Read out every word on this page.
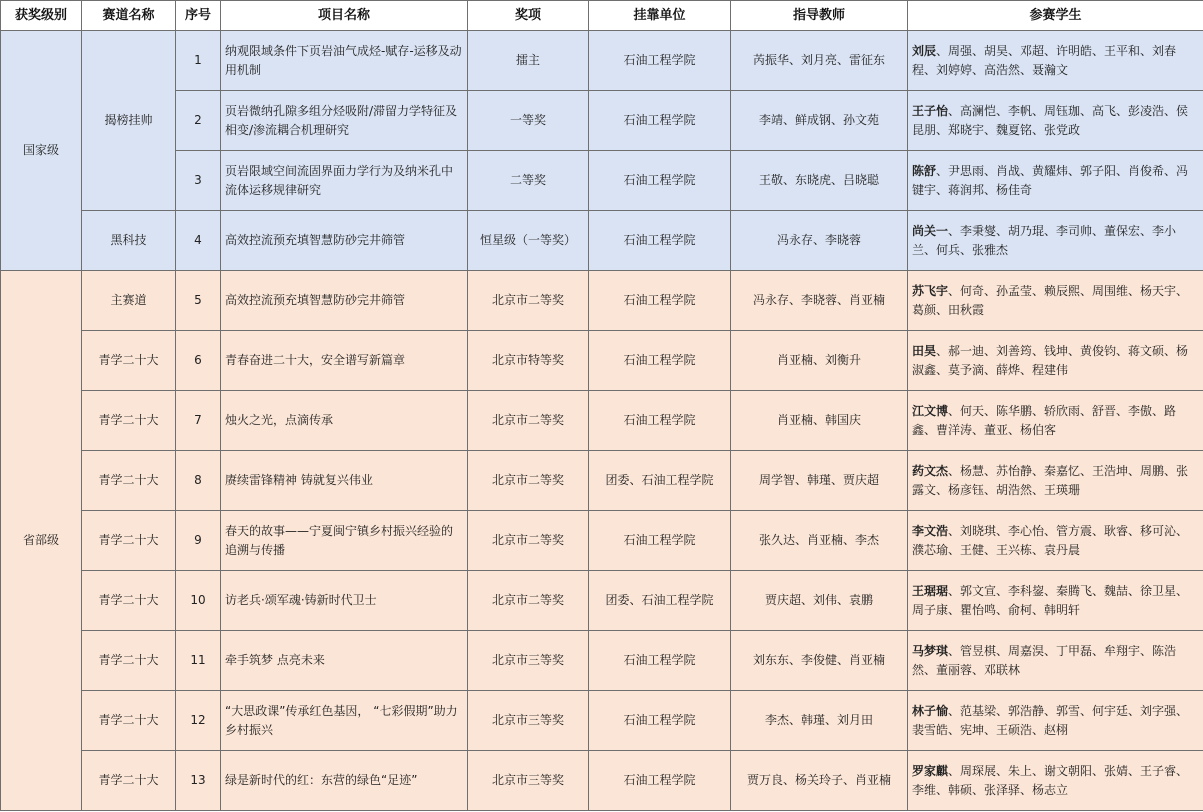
获奖级别	赛道名称	序号	项目名称	奖项	挂靠单位	指导教师	参赛学生
国家级	揭榜挂帅	1	纳观限域条件下页岩油气成烃-赋存-运移及动用机制	擂主	石油工程学院	芮振华、刘月亮、雷征东	刘辰、周强、胡昊、邓超、许明皓、王平和、刘春程、刘婷婷、高浩然、聂瀚文
		2	页岩微纳孔隙多组分烃吸附/滞留力学特征及相变/渗流耦合机理研究	一等奖	石油工程学院	李靖、鲜成钢、孙文苑	王子怡、高澜恺、李帆、周钰珈、高飞、彭凌浩、侯昆朋、郑晓宇、魏夏铭、张党政
		3	页岩限域空间流固界面力学行为及纳米孔中流体运移规律研究	二等奖	石油工程学院	王敬、东晓虎、吕晓聪	陈舒、尹思雨、肖战、黄耀炜、郭子阳、肖俊希、冯键宇、蒋润邦、杨佳奇
	黑科技	4	高效控流预充填智慧防砂完井筛管	恒星级（一等奖）	石油工程学院	冯永存、李晓蓉	尚关一、李秉燮、胡乃琨、李司帅、董保宏、李小兰、何兵、张雅杰
省部级	主赛道	5	高效控流预充填智慧防砂完井筛管	北京市二等奖	石油工程学院	冯永存、李晓蓉、肖亚楠	苏飞宇、何奇、孙孟莹、赖辰熙、周围维、杨天宇、葛颜、田秋霞
	青学二十大	6	青春奋进二十大，安全谱写新篇章	北京市特等奖	石油工程学院	肖亚楠、刘衡升	田昊、郝一迪、刘善筠、钱坤、黄俊钧、蒋文硕、杨淑鑫、莫予滴、薛烨、程建伟
	青学二十大	7	烛火之光，点滴传承	北京市二等奖	石油工程学院	肖亚楠、韩国庆	江文博、何天、陈华鹏、轿欣雨、舒晋、李傲、路鑫、曹洋涛、董亚、杨伯客
	青学二十大	8	赓续雷锋精神 铸就复兴伟业	北京市二等奖	团委、石油工程学院	周学智、韩瑾、贾庆超	药文杰、杨慧、苏怡静、秦嘉忆、王浩坤、周鹏、张露文、杨彦钰、胡浩然、王瑛珊
	青学二十大	9	春天的故事——宁夏闽宁镇乡村振兴经验的追溯与传播	北京市二等奖	石油工程学院	张久达、肖亚楠、李杰	李文浩、刘晓琪、李心怡、管方震、耿睿、移可沁、濮芯瑜、王健、王兴栋、袁丹晨
	青学二十大	10	访老兵·颂军魂·铸新时代卫士	北京市二等奖	团委、石油工程学院	贾庆超、刘伟、袁鹏	王琚琚、郭文宣、李科鋆、秦腾飞、魏喆、徐卫星、周子康、瞿怡鸣、俞柯、韩明轩
	青学二十大	11	牵手筑梦 点亮未来	北京市三等奖	石油工程学院	刘东东、李俊健、肖亚楠	马梦琪、管昱棋、周嘉淏、丁甲磊、牟翔宇、陈浩然、董丽蓉、邓联林
	青学二十大	12	“大思政课”传承红色基因， “七彩假期”助力乡村振兴	北京市三等奖	石油工程学院	李杰、韩瑾、刘月田	林子愉、范基梁、郭浩静、郭雪、何宇廷、刘字强、裴雪皓、宪坤、王硕浩、赵栩
	青学二十大	13	绿是新时代的红：东营的绿色“足迹”	北京市三等奖	石油工程学院	贾万良、杨关玲子、肖亚楠	罗家麒、周琛展、朱上、谢文朝阳、张婧、王子睿、李维、韩硕、张泽驿、杨志立
